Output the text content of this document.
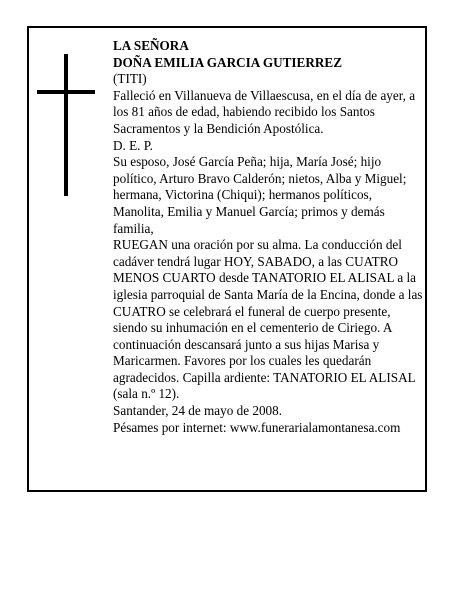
LA SEÑORA

DOÑA EMILIA GARCIA GUTIERREZ

(TITI)

Falleció en Villanueva de Villaescusa, en el día de ayer, a los 81 años de edad, habiendo recibido los Santos Sacramentos y la Bendición Apostólica.

D. E. P.

Su esposo, José García Peña; hija, María José; hijo político, Arturo Bravo Calderón; nietos, Alba y Miguel; hermana, Victorina (Chiqui); hermanos políticos, Manolita, Emilia y Manuel García; primos y demás familia,

RUEGAN una oración por su alma. La conducción del cadáver tendrá lugar HOY, SABADO, a las CUATRO MENOS CUARTO desde TANATORIO EL ALISAL a la iglesia parroquial de Santa María de la Encina, donde a las CUATRO se celebrará el funeral de cuerpo presente, siendo su inhumación en el cementerio de Ciriego. A continuación descansará junto a sus hijas Marisa y Maricarmen. Favores por los cuales les quedarán agradecidos. Capilla ardiente: TANATORIO EL ALISAL (sala n.º 12).

Santander, 24 de mayo de 2008.

Pésames por internet: www.funerarialamontanesa.com
